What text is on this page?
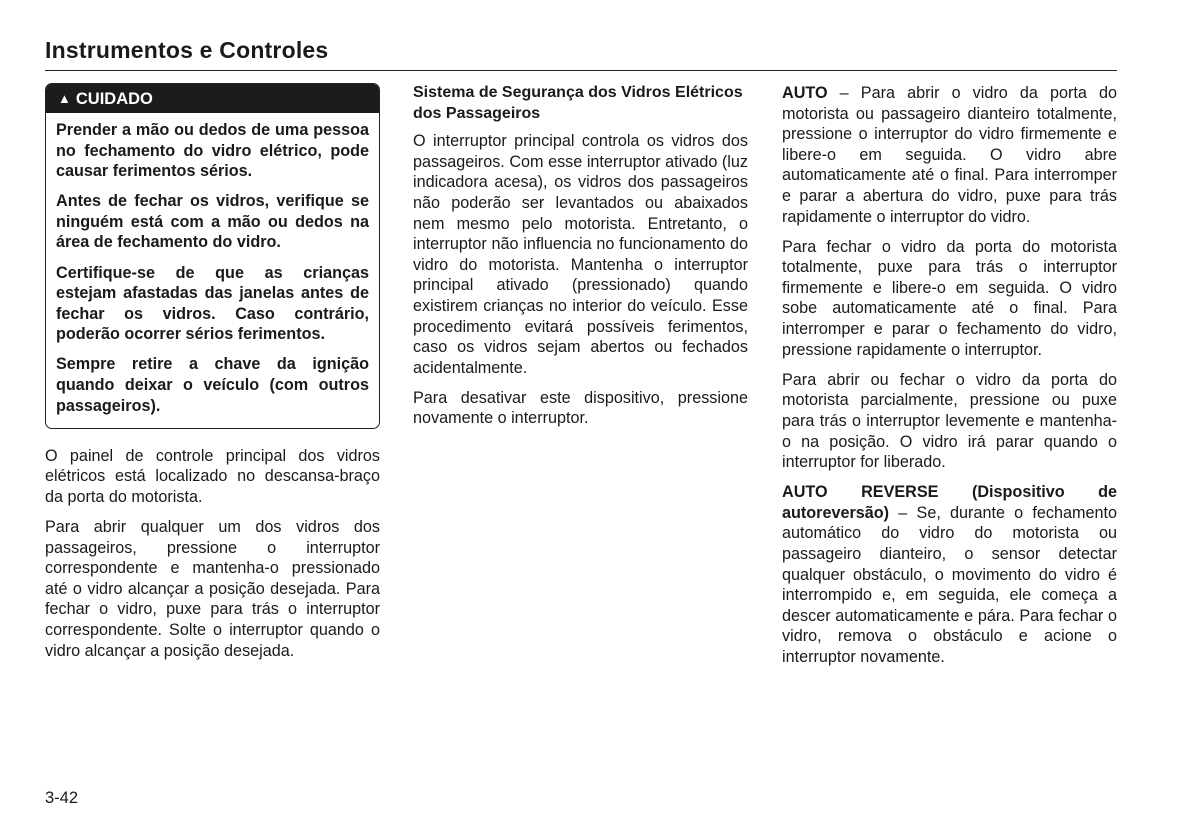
Instrumentos e Controles
▲ CUIDADO

Prender a mão ou dedos de uma pessoa no fechamento do vidro elétrico, pode causar ferimentos sérios.

Antes de fechar os vidros, verifique se ninguém está com a mão ou dedos na área de fechamento do vidro.

Certifique-se de que as crianças estejam afastadas das janelas antes de fechar os vidros. Caso contrário, poderão ocorrer sérios ferimentos.

Sempre retire a chave da ignição quando deixar o veículo (com outros passageiros).

O painel de controle principal dos vidros elétricos está localizado no descansa-braço da porta do motorista.

Para abrir qualquer um dos vidros dos passageiros, pressione o interruptor correspondente e mantenha-o pressionado até o vidro alcançar a posição desejada. Para fechar o vidro, puxe para trás o interruptor correspondente. Solte o interruptor quando o vidro alcançar a posição desejada.

Sistema de Segurança dos Vidros Elétricos dos Passageiros

O interruptor principal controla os vidros dos passageiros. Com esse interruptor ativado (luz indicadora acesa), os vidros dos passageiros não poderão ser levantados ou abaixados nem mesmo pelo motorista. Entretanto, o interruptor não influencia no funcionamento do vidro do motorista. Mantenha o interruptor principal ativado (pressionado) quando existirem crianças no interior do veículo. Esse procedimento evitará possíveis ferimentos, caso os vidros sejam abertos ou fechados acidentalmente.

Para desativar este dispositivo, pressione novamente o interruptor.

AUTO – Para abrir o vidro da porta do motorista ou passageiro dianteiro totalmente, pressione o interruptor do vidro firmemente e libere-o em seguida. O vidro abre automaticamente até o final. Para interromper e parar a abertura do vidro, puxe para trás rapidamente o interruptor do vidro.

Para fechar o vidro da porta do motorista totalmente, puxe para trás o interruptor firmemente e libere-o em seguida. O vidro sobe automaticamente até o final. Para interromper e parar o fechamento do vidro, pressione rapidamente o interruptor.

Para abrir ou fechar o vidro da porta do motorista parcialmente, pressione ou puxe para trás o interruptor levemente e mantenha-o na posição. O vidro irá parar quando o interruptor for liberado.

AUTO REVERSE (Dispositivo de autoreversão) – Se, durante o fechamento automático do vidro do motorista ou passageiro dianteiro, o sensor detectar qualquer obstáculo, o movimento do vidro é interrompido e, em seguida, ele começa a descer automaticamente e pára. Para fechar o vidro, remova o obstáculo e acione o interruptor novamente.

3-42
